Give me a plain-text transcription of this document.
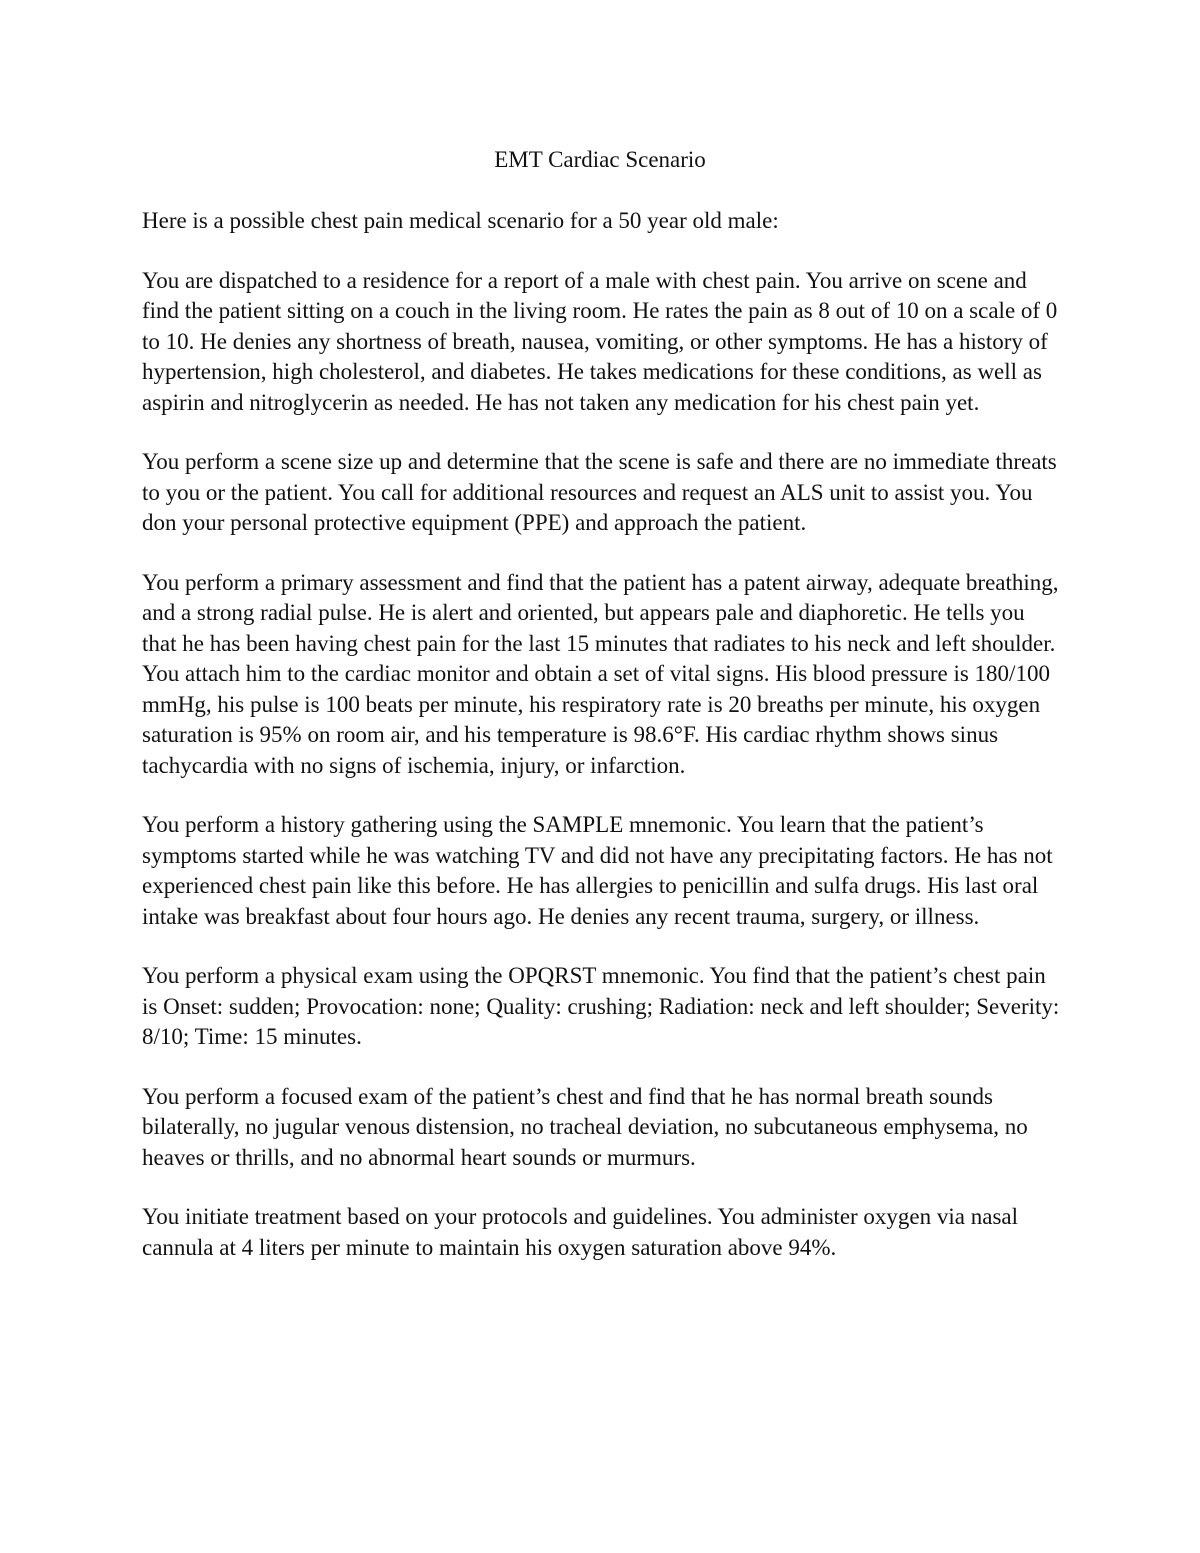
EMT Cardiac Scenario

Here is a possible chest pain medical scenario for a 50 year old male:

You are dispatched to a residence for a report of a male with chest pain. You arrive on scene and find the patient sitting on a couch in the living room. He rates the pain as 8 out of 10 on a scale of 0 to 10. He denies any shortness of breath, nausea, vomiting, or other symptoms. He has a history of hypertension, high cholesterol, and diabetes. He takes medications for these conditions, as well as aspirin and nitroglycerin as needed. He has not taken any medication for his chest pain yet.

You perform a scene size up and determine that the scene is safe and there are no immediate threats to you or the patient. You call for additional resources and request an ALS unit to assist you. You don your personal protective equipment (PPE) and approach the patient.

You perform a primary assessment and find that the patient has a patent airway, adequate breathing, and a strong radial pulse. He is alert and oriented, but appears pale and diaphoretic. He tells you that he has been having chest pain for the last 15 minutes that radiates to his neck and left shoulder. You attach him to the cardiac monitor and obtain a set of vital signs. His blood pressure is 180/100 mmHg, his pulse is 100 beats per minute, his respiratory rate is 20 breaths per minute, his oxygen saturation is 95% on room air, and his temperature is 98.6°F. His cardiac rhythm shows sinus tachycardia with no signs of ischemia, injury, or infarction.

You perform a history gathering using the SAMPLE mnemonic. You learn that the patient’s symptoms started while he was watching TV and did not have any precipitating factors. He has not experienced chest pain like this before. He has allergies to penicillin and sulfa drugs. His last oral intake was breakfast about four hours ago. He denies any recent trauma, surgery, or illness.

You perform a physical exam using the OPQRST mnemonic. You find that the patient’s chest pain is Onset: sudden; Provocation: none; Quality: crushing; Radiation: neck and left shoulder; Severity: 8/10; Time: 15 minutes.

You perform a focused exam of the patient’s chest and find that he has normal breath sounds bilaterally, no jugular venous distension, no tracheal deviation, no subcutaneous emphysema, no heaves or thrills, and no abnormal heart sounds or murmurs.

You initiate treatment based on your protocols and guidelines. You administer oxygen via nasal cannula at 4 liters per minute to maintain his oxygen saturation above 94%.
